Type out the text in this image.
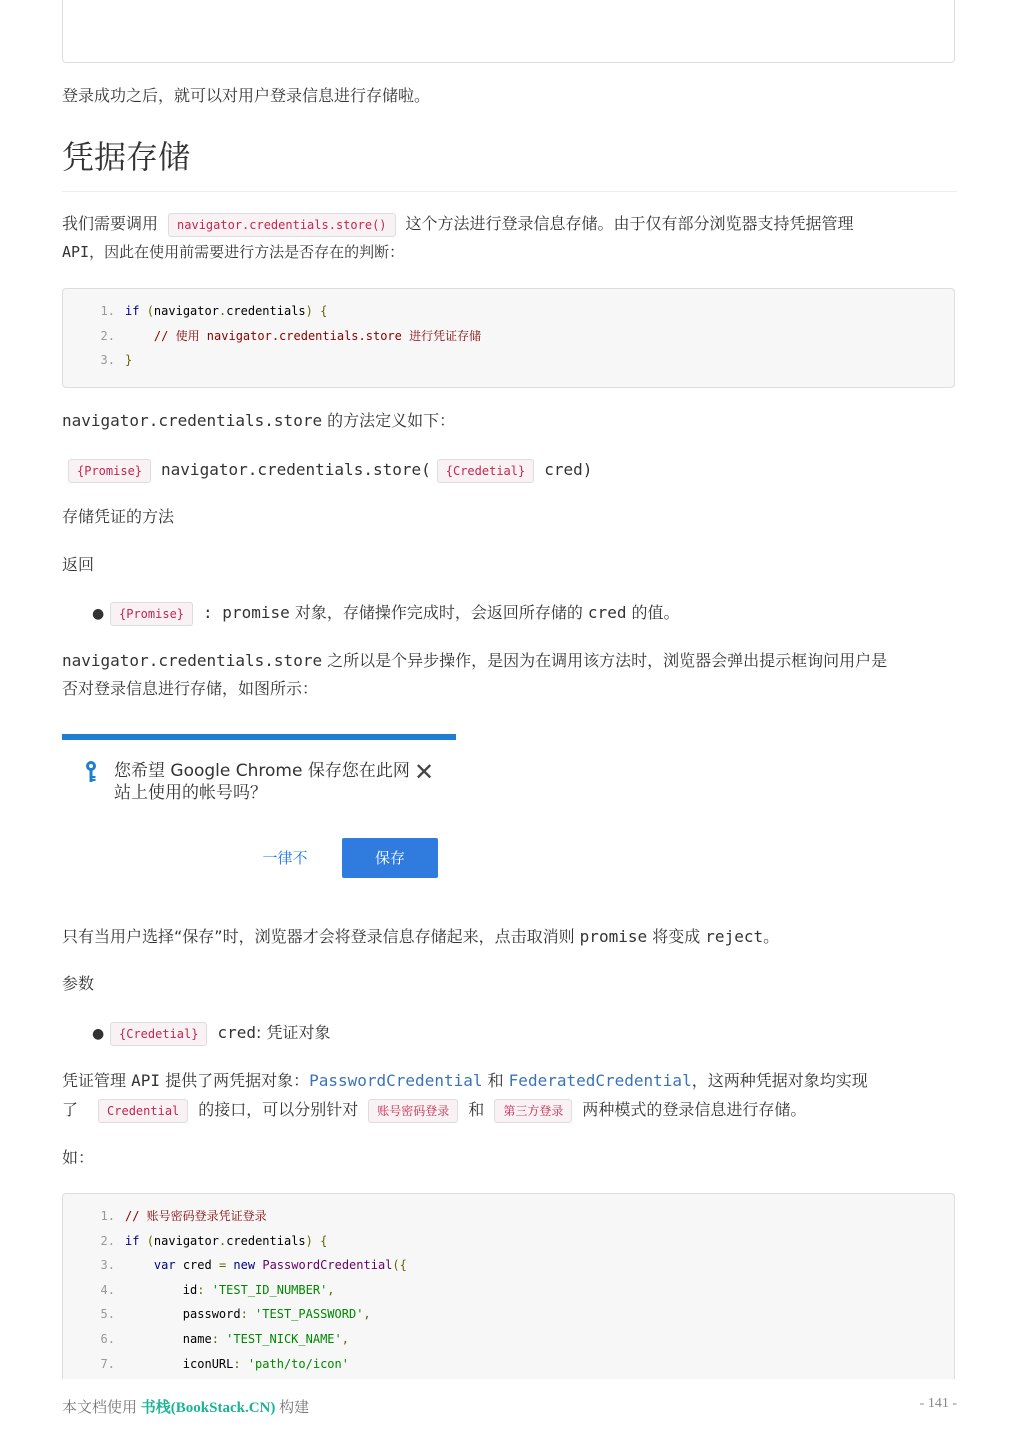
登录成功之后，就可以对用户登录信息进行存储啦。
凭据存储
我们需要调用 navigator.credentials.store() 这个方法进行登录信息存储。由于仅有部分浏览器支持凭据管理
API，因此在使用前需要进行方法是否存在的判断：
1. if (navigator.credentials) {
2.    // 使用 navigator.credentials.store 进行凭证存储
3. }
navigator.credentials.store 的方法定义如下：
{Promise} navigator.credentials.store( {Credetial} cred)
存储凭证的方法
返回
●	{Promise} : promise 对象，存储操作完成时，会返回所存储的 cred 的值。
navigator.credentials.store 之所以是个异步操作，是因为在调用该方法时，浏览器会弹出提示框询问用户是
否对登录信息进行存储，如图所示：
您希望 Google Chrome 保存您在此网站上使用的帐号吗？
✕
一律不	保存
只有当用户选择“保存”时，浏览器才会将登录信息存储起来，点击取消则 promise 将变成 reject。
参数
●	{Credetial} cred: 凭证对象
凭证管理 API 提供了两凭据对象：PasswordCredential 和 FederatedCredential，这两种凭据对象均实现
了 Credential 的接口，可以分别针对 账号密码登录 和 第三方登录 两种模式的登录信息进行存储。
如：
1. // 账号密码登录凭证登录
2. if (navigator.credentials) {
3.	var cred = new PasswordCredential({
4.        id: 'TEST_ID_NUMBER',
5.        password: 'TEST_PASSWORD',
6.        name: 'TEST_NICK_NAME',
7.        iconURL: 'path/to/icon'
本文档使用 书栈(BookStack.CN) 构建	- 141 -
